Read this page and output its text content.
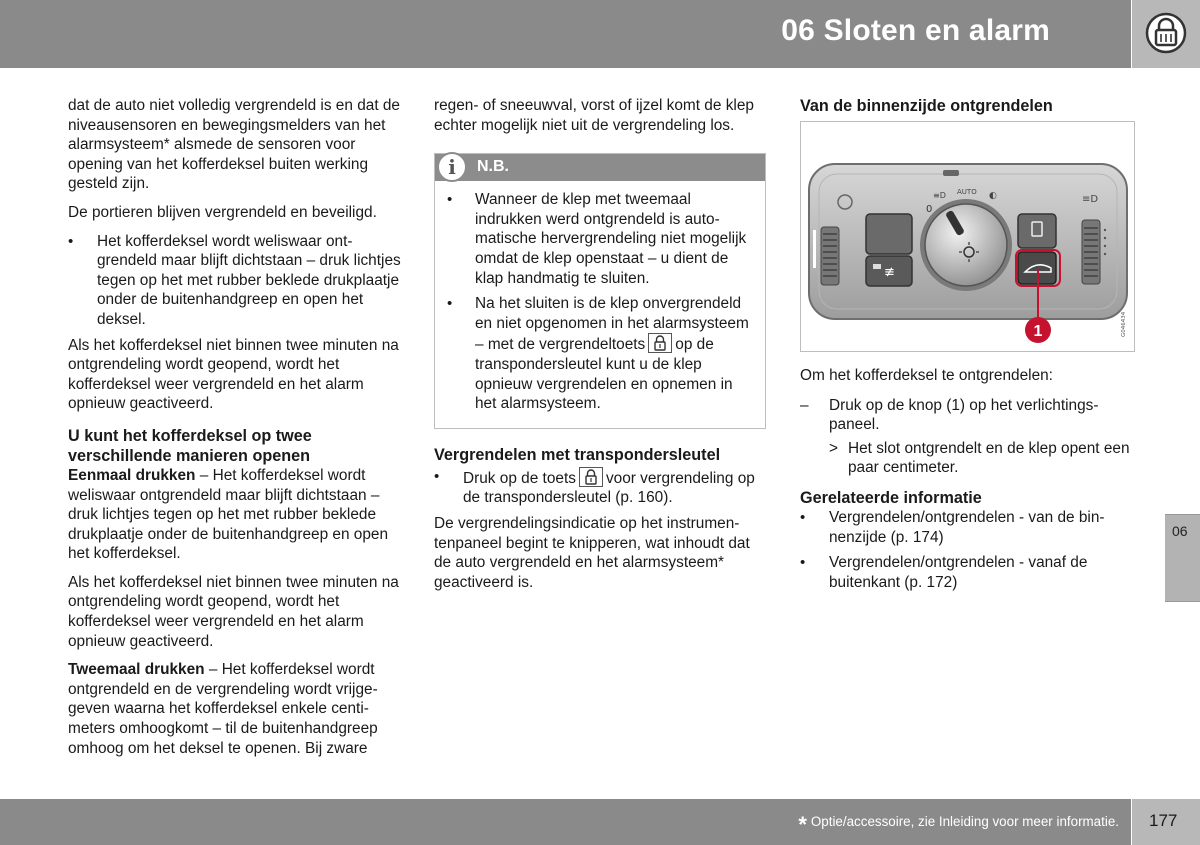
06 Sloten en alarm

dat de auto niet volledig vergrendeld is en dat de niveausensoren en bewegingsmelders van het alarmsysteem* alsmede de sensoren voor opening van het kofferdeksel buiten werking gesteld zijn.

De portieren blijven vergrendeld en beveiligd.

• Het kofferdeksel wordt weliswaar ontgrendeld maar blijft dichtstaan – druk lichtjes tegen op het met rubber beklede drukplaatje onder de buitenhandgreep en open het deksel.

Als het kofferdeksel niet binnen twee minuten na ontgrendeling wordt geopend, wordt het kofferdeksel weer vergrendeld en het alarm opnieuw geactiveerd.

U kunt het kofferdeksel op twee verschillende manieren openen

Eenmaal drukken – Het kofferdeksel wordt weliswaar ontgrendeld maar blijft dichtstaan – druk lichtjes tegen op het met rubber beklede drukplaatje onder de buitenhandgreep en open het kofferdeksel.

Als het kofferdeksel niet binnen twee minuten na ontgrendeling wordt geopend, wordt het kofferdeksel weer vergrendeld en het alarm opnieuw geactiveerd.

Tweemaal drukken – Het kofferdeksel wordt ontgrendeld en de vergrendeling wordt vrijgegeven waarna het kofferdeksel enkele centimeters omhoogkomt – til de buitenhandgreep omhoog om het deksel te openen. Bij zware

regen- of sneeuwval, vorst of ijzel komt de klep echter mogelijk niet uit de vergrendeling los.

i	N.B.
• Wanneer de klep met tweemaal indrukken werd ontgrendeld is automatische hervergrendeling niet mogelijk omdat de klep openstaat – u dient de klap handmatig te sluiten.
• Na het sluiten is de klep onvergrendeld en niet opgenomen in het alarmsysteem – met de vergrendeltoets op de transpondersleutel kunt u de klep opnieuw vergrendelen en opnemen in het alarmsysteem.
Vergrendelen met transpondersleutel
• Druk op de toets voor vergrendeling op de transpondersleutel (p. 160).

De vergrendelingsindicatie op het instrumentenpaneel begint te knipperen, wat inhoudt dat de auto vergrendeld en het alarmsysteem* geactiveerd is.

Van de binnenzijde ontgrendelen
≢
AUTO
0
≡D	◐	≡D
1	G046434

Om het kofferdeksel te ontgrendelen:

– Druk op de knop (1) op het verlichtingspaneel.
> Het slot ontgrendelt en de klep opent een paar centimeter.
Gerelateerde informatie
• Vergrendelen/ontgrendelen - van de binnenzijde (p. 174)
• Vergrendelen/ontgrendelen - vanaf de buitenkant (p. 172)
06
* Optie/accessoire, zie Inleiding voor meer informatie. 177
